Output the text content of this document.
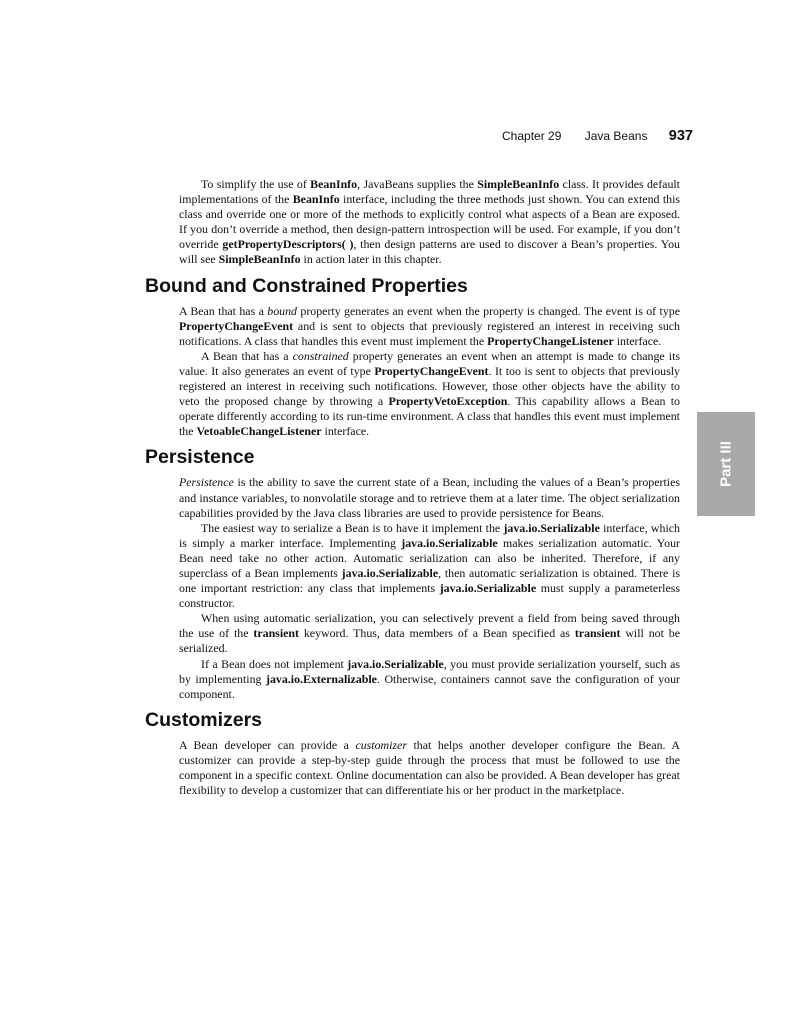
Chapter 29 Java Beans 937
Part III

To simplify the use of BeanInfo, JavaBeans supplies the SimpleBeanInfo class. It provides default implementations of the BeanInfo interface, including the three methods just shown. You can extend this class and override one or more of the methods to explicitly control what aspects of a Bean are exposed. If you don’t override a method, then design-pattern introspection will be used. For example, if you don’t override getPropertyDescriptors( ), then design patterns are used to discover a Bean’s properties. You will see SimpleBeanInfo in action later in this chapter.

Bound and Constrained Properties

A Bean that has a bound property generates an event when the property is changed. The event is of type PropertyChangeEvent and is sent to objects that previously registered an interest in receiving such notifications. A class that handles this event must implement the PropertyChangeListener interface.

A Bean that has a constrained property generates an event when an attempt is made to change its value. It also generates an event of type PropertyChangeEvent. It too is sent to objects that previously registered an interest in receiving such notifications. However, those other objects have the ability to veto the proposed change by throwing a PropertyVetoException. This capability allows a Bean to operate differently according to its run-time environment. A class that handles this event must implement the VetoableChangeListener interface.

Persistence

Persistence is the ability to save the current state of a Bean, including the values of a Bean’s properties and instance variables, to nonvolatile storage and to retrieve them at a later time. The object serialization capabilities provided by the Java class libraries are used to provide persistence for Beans.

The easiest way to serialize a Bean is to have it implement the java.io.Serializable interface, which is simply a marker interface. Implementing java.io.Serializable makes serialization automatic. Your Bean need take no other action. Automatic serialization can also be inherited. Therefore, if any superclass of a Bean implements java.io.Serializable, then automatic serialization is obtained. There is one important restriction: any class that implements java.io.Serializable must supply a parameterless constructor.

When using automatic serialization, you can selectively prevent a field from being saved through the use of the transient keyword. Thus, data members of a Bean specified as transient will not be serialized.

If a Bean does not implement java.io.Serializable, you must provide serialization yourself, such as by implementing java.io.Externalizable. Otherwise, containers cannot save the configuration of your component.

Customizers

A Bean developer can provide a customizer that helps another developer configure the Bean. A customizer can provide a step-by-step guide through the process that must be followed to use the component in a specific context. Online documentation can also be provided. A Bean developer has great flexibility to develop a customizer that can differentiate his or her product in the marketplace.
